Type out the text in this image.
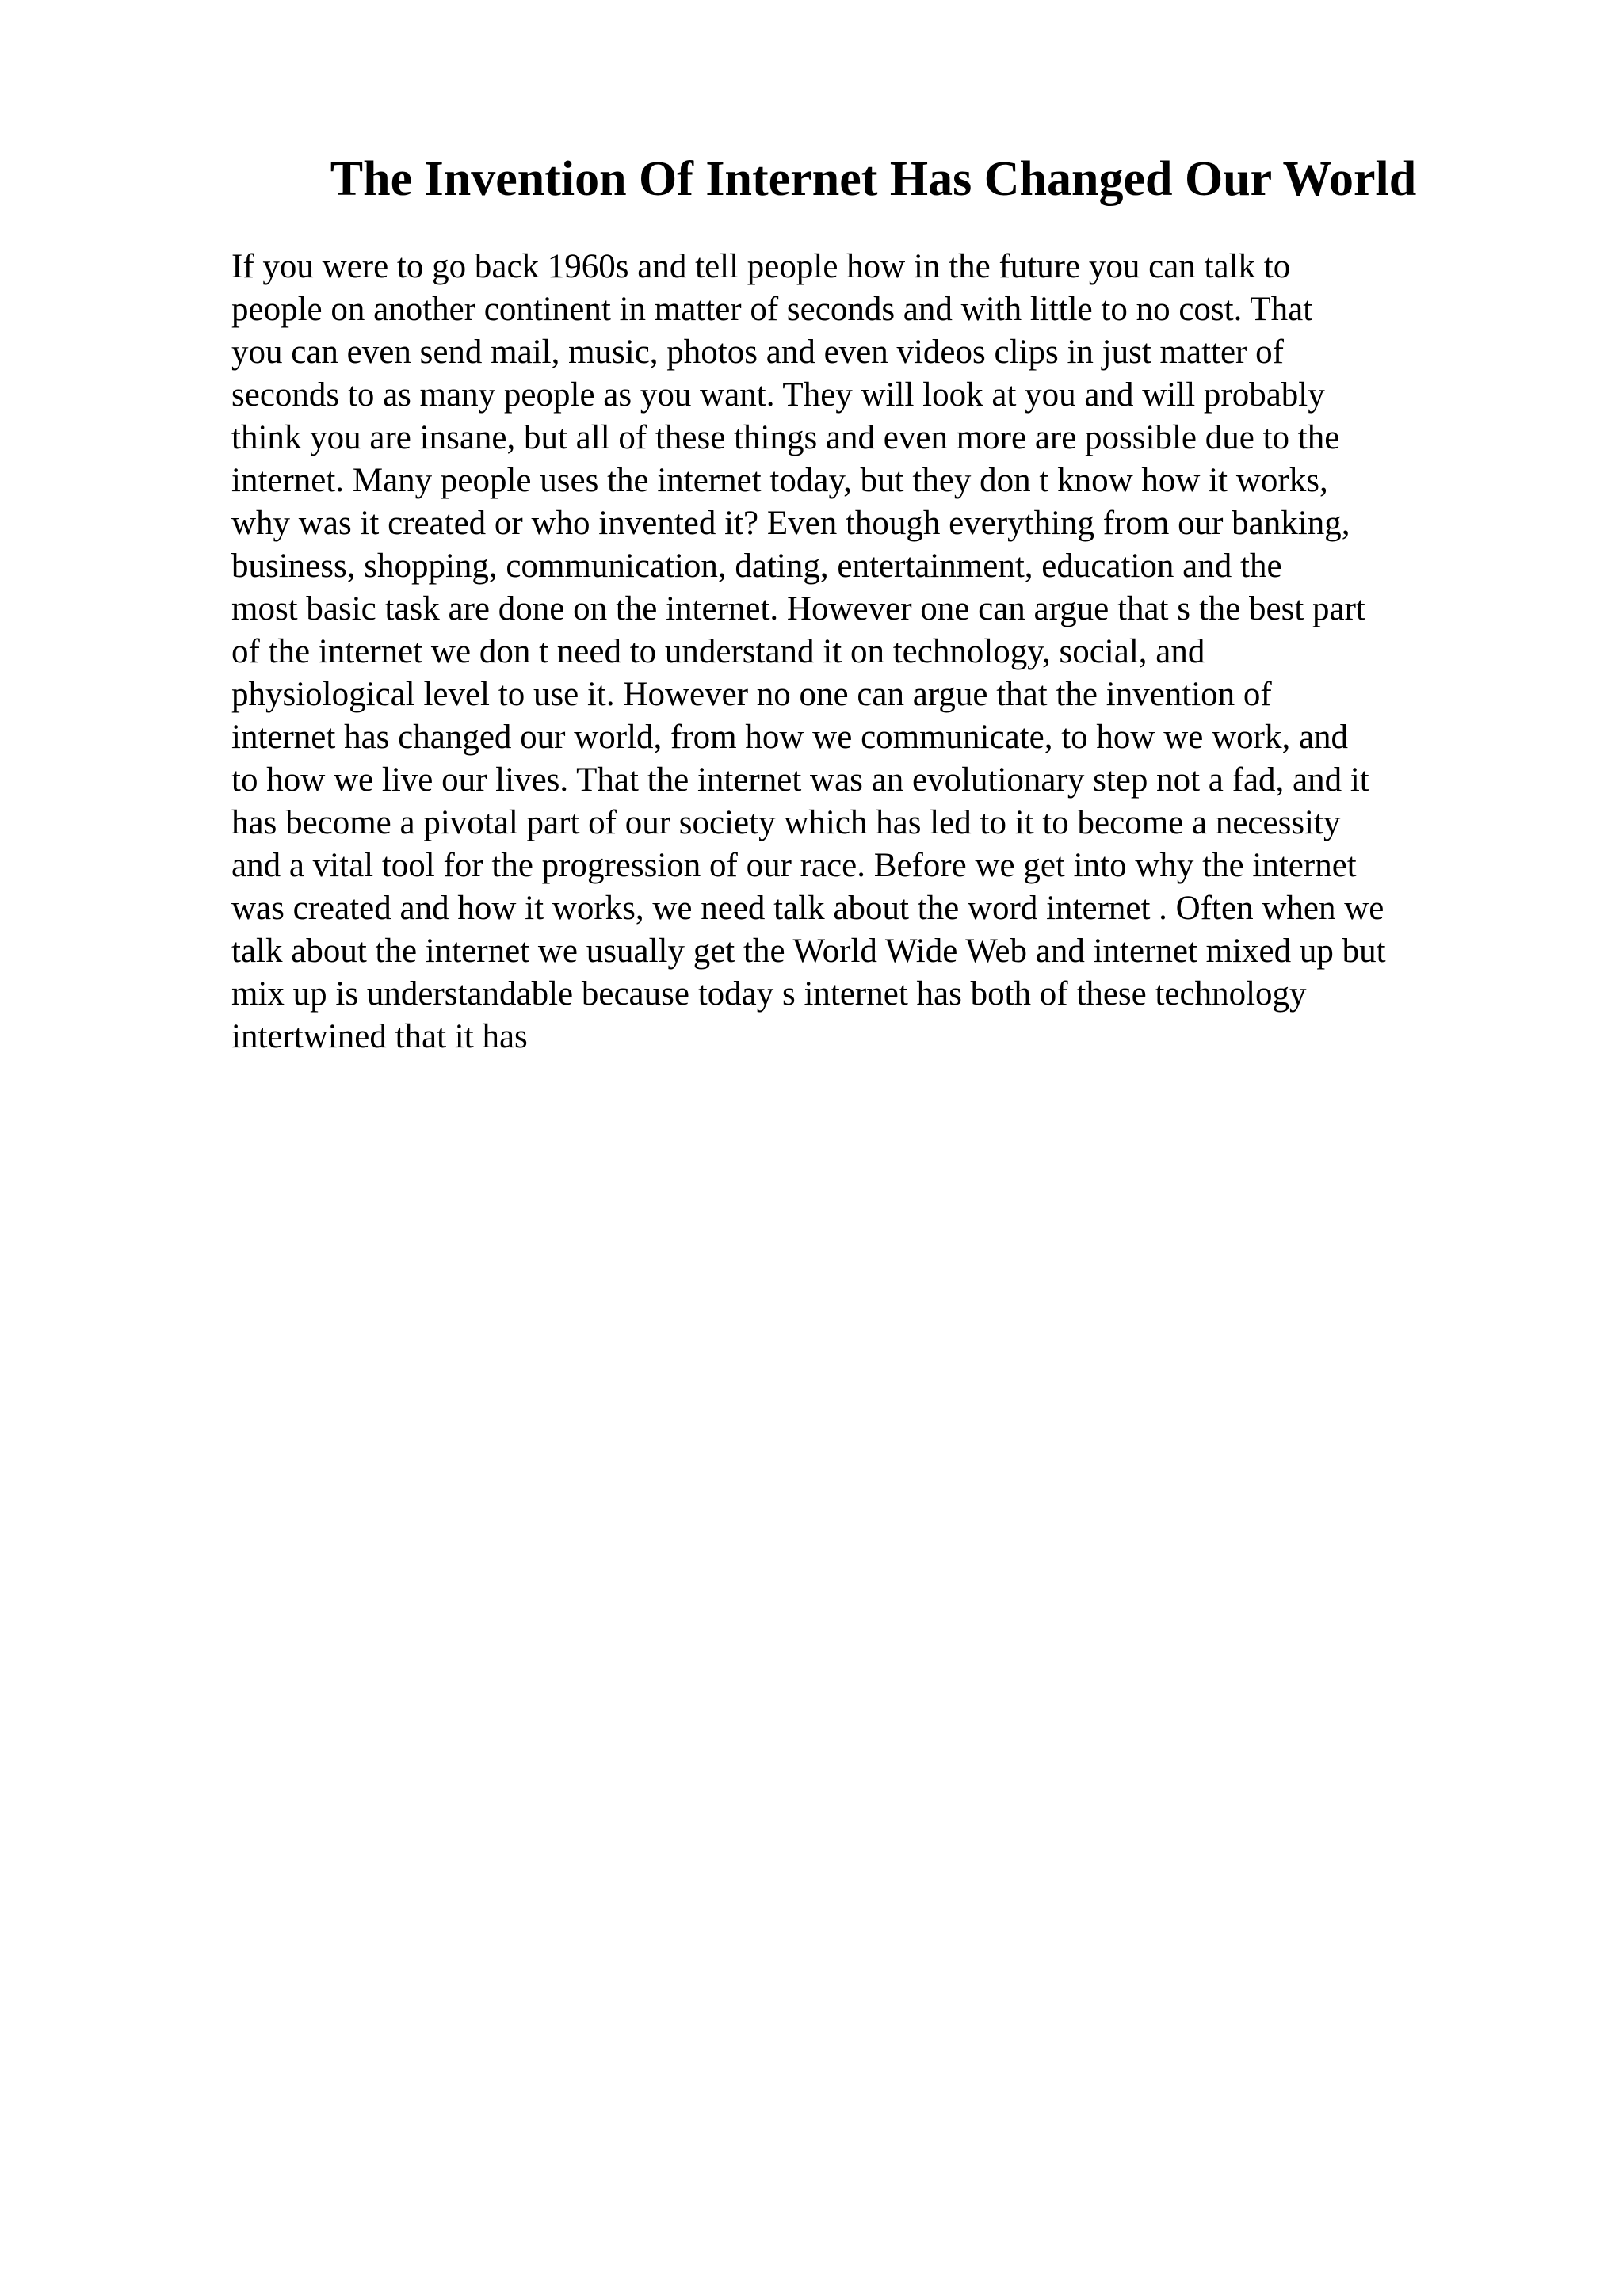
The Invention Of Internet Has Changed Our World
If you were to go back 1960s and tell people how in the future you can talk to
people on another continent in matter of seconds and with little to no cost. That
you can even send mail, music, photos and even videos clips in just matter of
seconds to as many people as you want. They will look at you and will probably
think you are insane, but all of these things and even more are possible due to the
internet. Many people uses the internet today, but they don t know how it works,
why was it created or who invented it? Even though everything from our banking,
business, shopping, communication, dating, entertainment, education and the
most basic task are done on the internet. However one can argue that s the best part
of the internet we don t need to understand it on technology, social, and
physiological level to use it. However no one can argue that the invention of
internet has changed our world, from how we communicate, to how we work, and
to how we live our lives. That the internet was an evolutionary step not a fad, and it
has become a pivotal part of our society which has led to it to become a necessity
and a vital tool for the progression of our race. Before we get into why the internet
was created and how it works, we need talk about the word internet . Often when we
talk about the internet we usually get the World Wide Web and internet mixed up but
mix up is understandable because today s internet has both of these technology
intertwined that it has
